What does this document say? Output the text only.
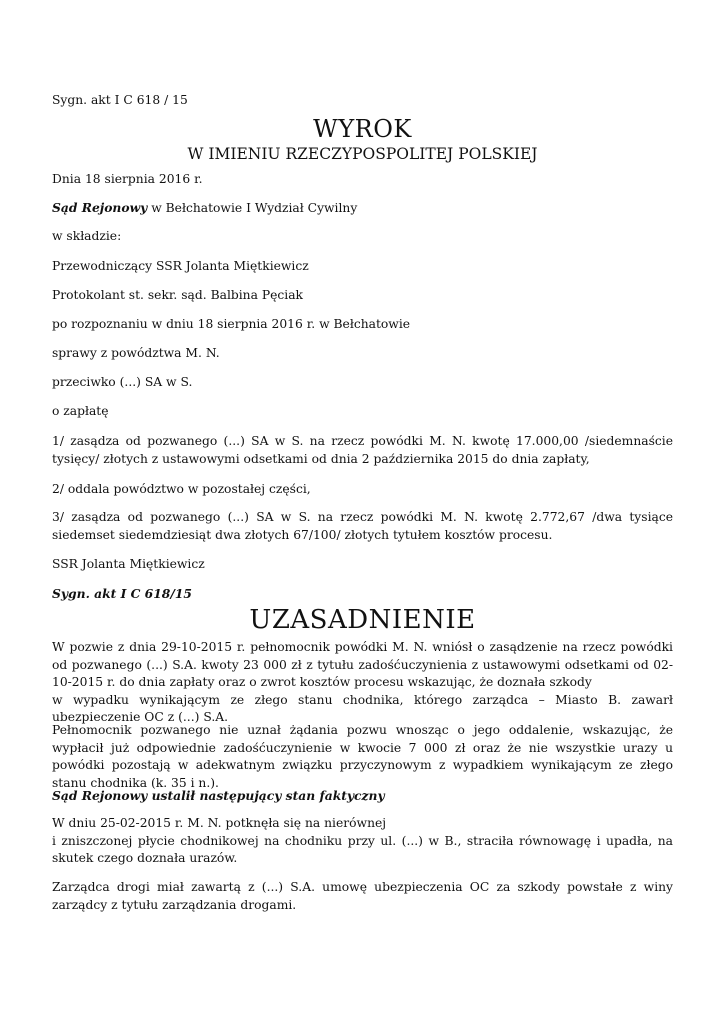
Sygn. akt I C 618 / 15
WYROK
W IMIENIU RZECZYPOSPOLITEJ POLSKIEJ
Dnia 18 sierpnia 2016 r.
Sąd Rejonowy w Bełchatowie I Wydział Cywilny
w składzie:
Przewodniczący SSR Jolanta Miętkiewicz
Protokolant st. sekr. sąd. Balbina Pęciak
po rozpoznaniu w dniu 18 sierpnia 2016 r. w Bełchatowie
sprawy z powództwa M. N.
przeciwko (...) SA w S.
o zapłatę
1/ zasądza od pozwanego (...) SA w S. na rzecz powódki M. N. kwotę 17.000,00 /siedemnaście tysięcy/ złotych z ustawowymi odsetkami od dnia 2 października 2015 do dnia zapłaty,
2/ oddala powództwo w pozostałej części,
3/ zasądza od pozwanego (...) SA w S. na rzecz powódki M. N. kwotę 2.772,67 /dwa tysiące siedemset siedemdziesiąt dwa złotych 67/100/ złotych tytułem kosztów procesu.
SSR Jolanta Miętkiewicz
Sygn. akt I C 618/15
UZASADNIENIE
W pozwie z dnia 29-10-2015 r. pełnomocnik powódki M. N. wniósł o zasądzenie na rzecz powódki od pozwanego (...) S.A. kwoty 23 000 zł z tytułu zadośćuczynienia z ustawowymi odsetkami od 02-10-2015 r. do dnia zapłaty oraz o zwrot kosztów procesu wskazując, że doznała szkody
w wypadku wynikającym ze złego stanu chodnika, którego zarządca – Miasto B. zawarł ubezpieczenie OC z (...) S.A.
Pełnomocnik pozwanego nie uznał żądania pozwu wnosząc o jego oddalenie, wskazując, że wypłacił już odpowiednie zadośćuczynienie w kwocie 7 000 zł oraz że nie wszystkie urazy u powódki pozostają w adekwatnym związku przyczynowym z wypadkiem wynikającym ze złego stanu chodnika (k. 35 i n.).
Sąd Rejonowy ustalił następujący stan faktyczny
W dniu 25-02-2015 r. M. N. potknęła się na nierównej
i zniszczonej płycie chodnikowej na chodniku przy ul. (...) w B., straciła równowagę i upadła, na skutek czego doznała urazów.
Zarządca drogi miał zawartą z (...) S.A. umowę ubezpieczenia OC za szkody powstałe z winy zarządcy z tytułu zarządzania drogami.
